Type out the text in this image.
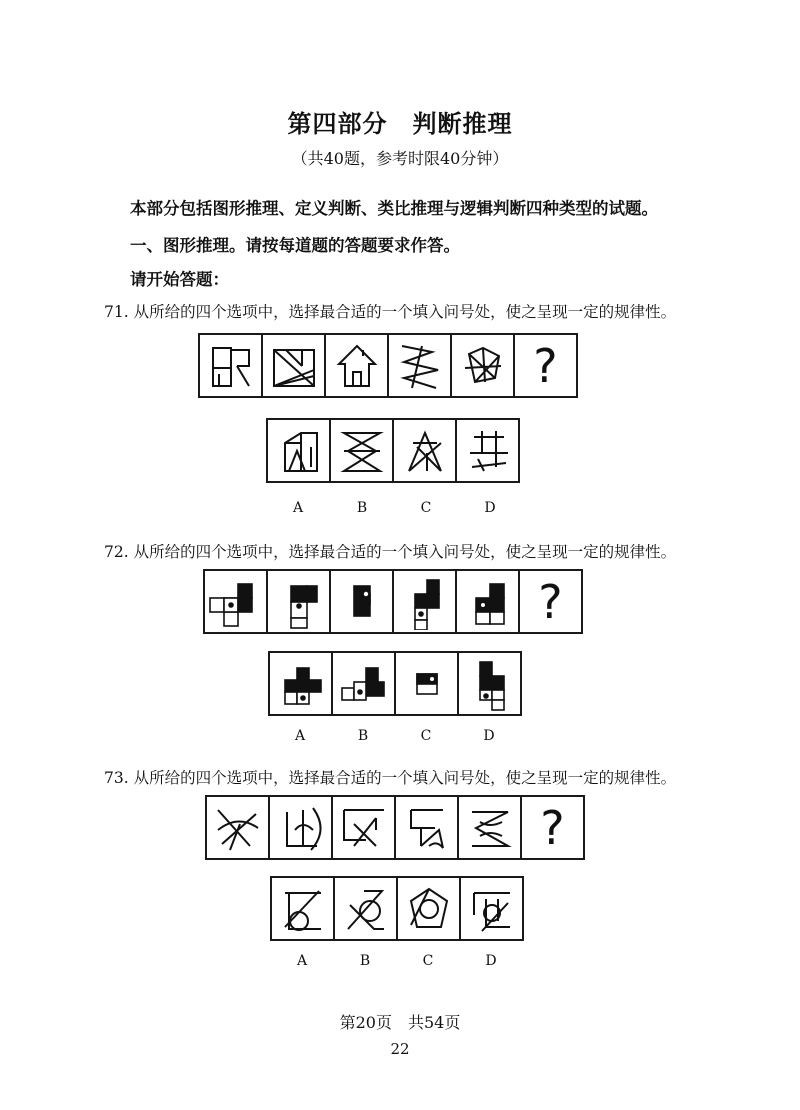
第四部分　判断推理
（共40题，参考时限40分钟）
本部分包括图形推理、定义判断、类比推理与逻辑判断四种类型的试题。
一、图形推理。请按每道题的答题要求作答。
请开始答题：
71. 从所给的四个选项中，选择最合适的一个填入问号处，使之呈现一定的规律性。
?
A	B	C	D
72. 从所给的四个选项中，选择最合适的一个填入问号处，使之呈现一定的规律性。
?
A	B	C	D
73. 从所给的四个选项中，选择最合适的一个填入问号处，使之呈现一定的规律性。
?
A	B	C	D
第20页　共54页
22
